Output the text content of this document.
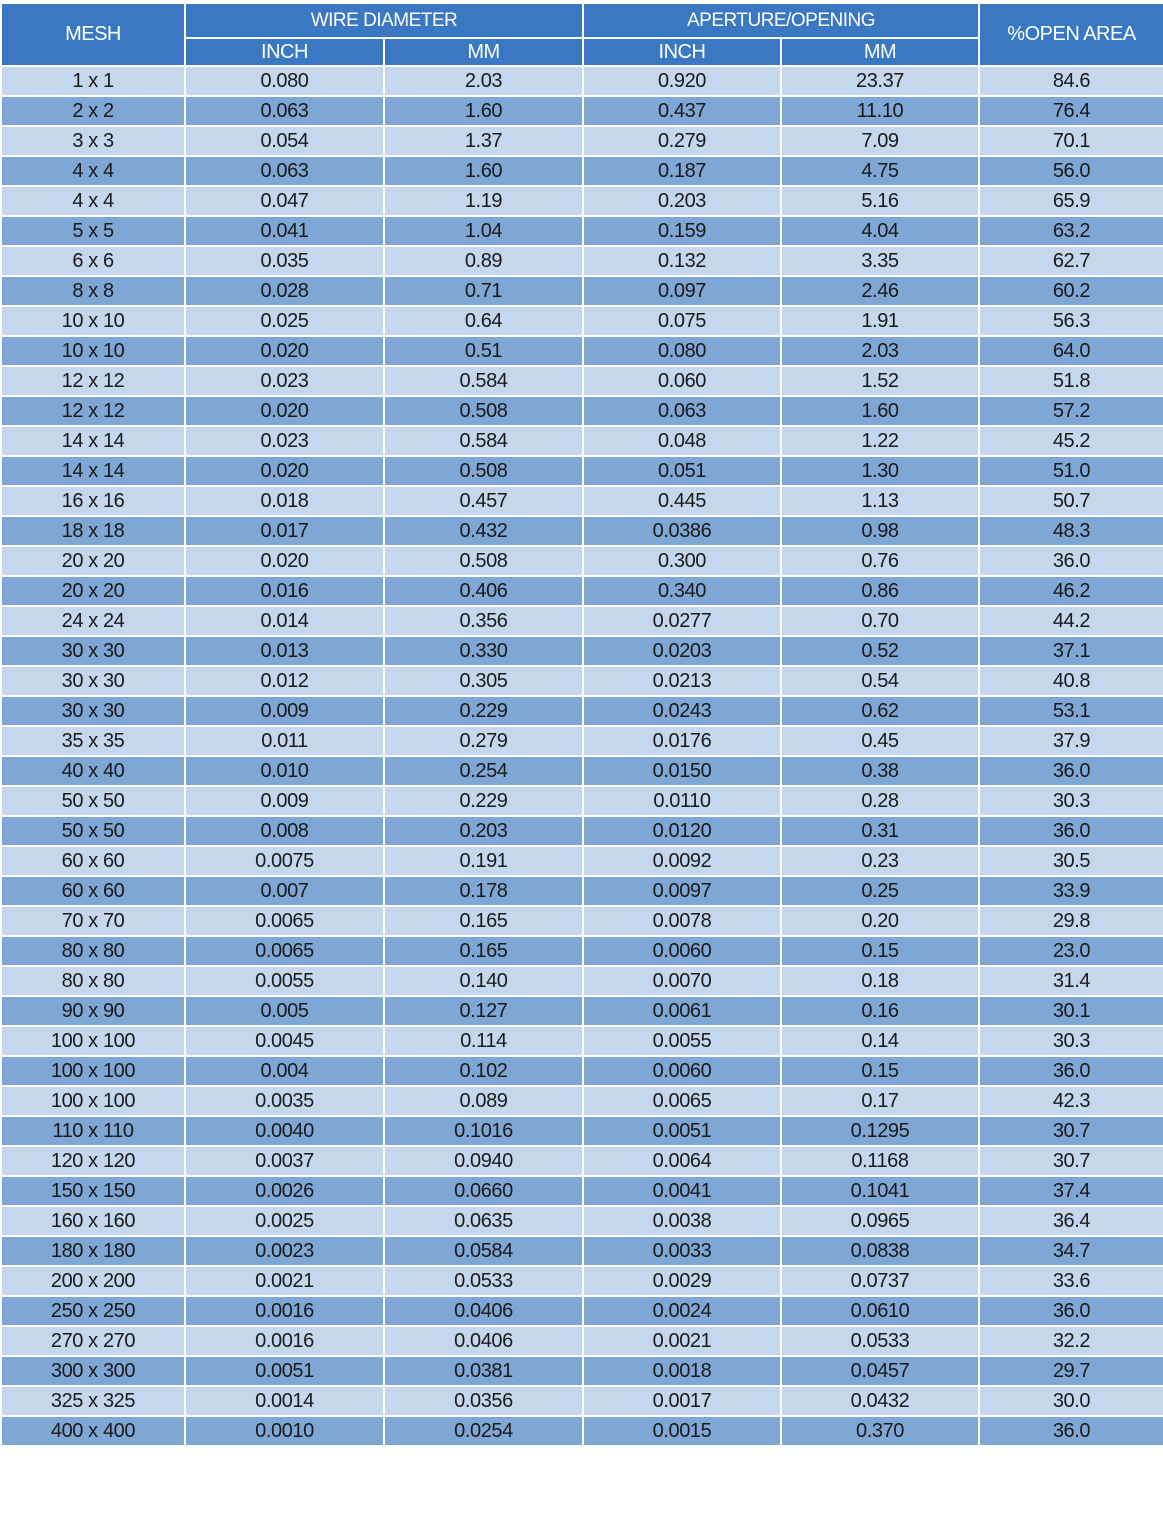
MESH	WIRE DIAMETER		APERTURE/OPENING		%OPEN AREA
	INCH	MM	INCH	MM	
1 x 1	0.080	2.03	0.920	23.37	84.6
2 x 2	0.063	1.60	0.437	11.10	76.4
3 x 3	0.054	1.37	0.279	7.09	70.1
4 x 4	0.063	1.60	0.187	4.75	56.0
4 x 4	0.047	1.19	0.203	5.16	65.9
5 x 5	0.041	1.04	0.159	4.04	63.2
6 x 6	0.035	0.89	0.132	3.35	62.7
8 x 8	0.028	0.71	0.097	2.46	60.2
10 x 10	0.025	0.64	0.075	1.91	56.3
10 x 10	0.020	0.51	0.080	2.03	64.0
12 x 12	0.023	0.584	0.060	1.52	51.8
12 x 12	0.020	0.508	0.063	1.60	57.2
14 x 14	0.023	0.584	0.048	1.22	45.2
14 x 14	0.020	0.508	0.051	1.30	51.0
16 x 16	0.018	0.457	0.445	1.13	50.7
18 x 18	0.017	0.432	0.0386	0.98	48.3
20 x 20	0.020	0.508	0.300	0.76	36.0
20 x 20	0.016	0.406	0.340	0.86	46.2
24 x 24	0.014	0.356	0.0277	0.70	44.2
30 x 30	0.013	0.330	0.0203	0.52	37.1
30 x 30	0.012	0.305	0.0213	0.54	40.8
30 x 30	0.009	0.229	0.0243	0.62	53.1
35 x 35	0.011	0.279	0.0176	0.45	37.9
40 x 40	0.010	0.254	0.0150	0.38	36.0
50 x 50	0.009	0.229	0.0110	0.28	30.3
50 x 50	0.008	0.203	0.0120	0.31	36.0
60 x 60	0.0075	0.191	0.0092	0.23	30.5
60 x 60	0.007	0.178	0.0097	0.25	33.9
70 x 70	0.0065	0.165	0.0078	0.20	29.8
80 x 80	0.0065	0.165	0.0060	0.15	23.0
80 x 80	0.0055	0.140	0.0070	0.18	31.4
90 x 90	0.005	0.127	0.0061	0.16	30.1
100 x 100	0.0045	0.114	0.0055	0.14	30.3
100 x 100	0.004	0.102	0.0060	0.15	36.0
100 x 100	0.0035	0.089	0.0065	0.17	42.3
110 x 110	0.0040	0.1016	0.0051	0.1295	30.7
120 x 120	0.0037	0.0940	0.0064	0.1168	30.7
150 x 150	0.0026	0.0660	0.0041	0.1041	37.4
160 x 160	0.0025	0.0635	0.0038	0.0965	36.4
180 x 180	0.0023	0.0584	0.0033	0.0838	34.7
200 x 200	0.0021	0.0533	0.0029	0.0737	33.6
250 x 250	0.0016	0.0406	0.0024	0.0610	36.0
270 x 270	0.0016	0.0406	0.0021	0.0533	32.2
300 x 300	0.0051	0.0381	0.0018	0.0457	29.7
325 x 325	0.0014	0.0356	0.0017	0.0432	30.0
400 x 400	0.0010	0.0254	0.0015	0.370	36.0
